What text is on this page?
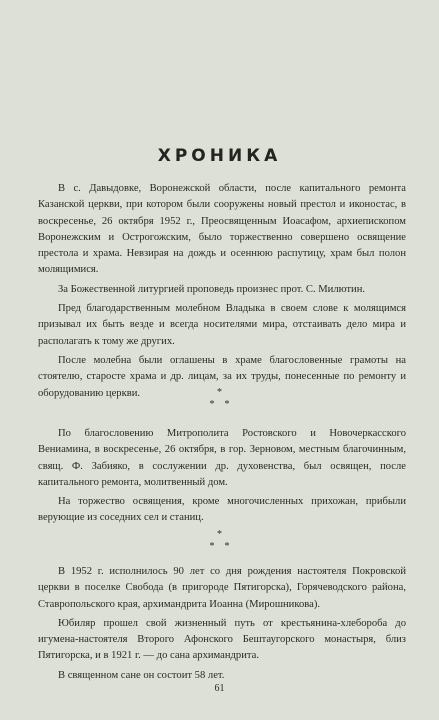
ХРОНИКА

В с. Давыдовке, Воронежской области, после капитального ремонта Казанской церкви, при котором были сооружены новый престол и иконостас, в воскресенье, 26 октября 1952 г., Преосвященным Иоасафом, архиепископом Воронежским и Острогожским, было торжественно совершено освящение престола и храма. Невзирая на дождь и осеннюю распутицу, храм был полон молящимися.

За Божественной литургией проповедь произнес прот. С. Милютин.

Пред благодарственным молебном Владыка в своем слове к молящимся призывал их быть везде и всегда носителями мира, отстаивать дело мира и располагать к тому же других.

После молебна были оглашены в храме благословенные грамоты на стоятелю, старосте храма и др. лицам, за их труды, понесенные по ремонту и оборудованию церкви.	*
* *

По благословению Митрополита Ростовского и Новочеркасского Вениамина, в воскресенье, 26 октября, в гор. Зерновом, местным благочинным, свящ. Ф. Забияко, в сослужении др. духовенства, был освящен, после капитального ремонта, молитвенный дом.

На торжество освящения, кроме многочисленных прихожан, прибыли верующие из соседних сел и станиц.

*
* *

В 1952 г. исполнилось 90 лет со дня рождения настоятеля Покровской церкви в поселке Свобода (в пригороде Пятигорска), Горячеводского района, Ставропольского края, архимандрита Иоанна (Мирошникова).

Юбиляр прошел свой жизненный путь от крестьянина-хлебороба до игумена-настоятеля Второго Афонского Бештаугорского монастыря, близ Пятигорска, и в 1921 г. — до сана архимандрита.

В священном сане он состоит 58 лет.

61
